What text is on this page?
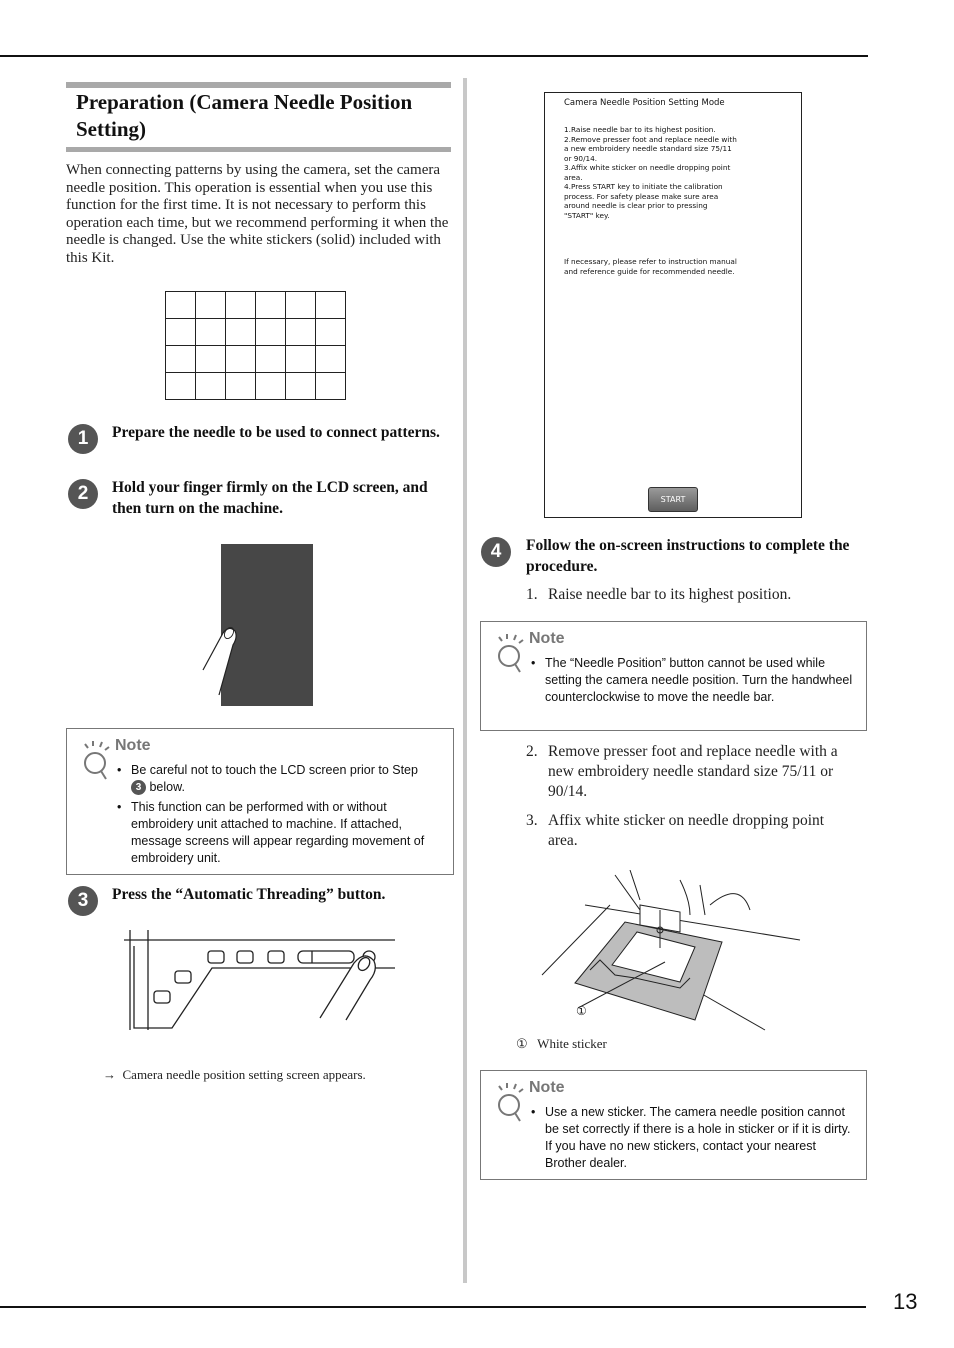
13
Preparation (Camera Needle Position Setting)
When connecting patterns by using the camera, set the camera needle position. This operation is essential when you use this function for the first time. It is not necessary to perform this operation each time, but we recommend performing it when the needle is changed. Use the white stickers (solid) included with this Kit.

1	Prepare the needle to be used to connect patterns.
2	Hold your finger firmly on the LCD screen, and then turn on the machine.
Note
• Be careful not to touch the LCD screen prior to Step
3 below.
• This function can be performed with or without embroidery unit attached to machine. If attached, message screens will appear regarding movement of embroidery unit.
3	Press the “Automatic Threading” button.
→ Camera needle position setting screen appears.
Camera Needle Position Setting Mode
1.Raise needle bar to its highest position.
2.Remove presser foot and replace needle with
a new embroidery needle standard size 75/11
or 90/14.
3.Affix white sticker on needle dropping point
area.
4.Press START key to initiate the calibration
process. For safety please make sure area
around needle is clear prior to pressing
"START" key.
If necessary, please refer to instruction manual
and reference guide for recommended needle.
START
4	Follow the on-screen instructions to complete the procedure.
1. Raise needle bar to its highest position.
Note
• The “Needle Position” button cannot be used while setting the camera needle position. Turn the handwheel counterclockwise to move the needle bar.
2. Remove presser foot and replace needle with a new embroidery needle standard size 75/11 or 90/14.
3. Affix white sticker on needle dropping point area.
①
① White sticker
Note
• Use a new sticker. The camera needle position cannot be set correctly if there is a hole in sticker or if it is dirty. If you have no new stickers, contact your nearest Brother dealer.
